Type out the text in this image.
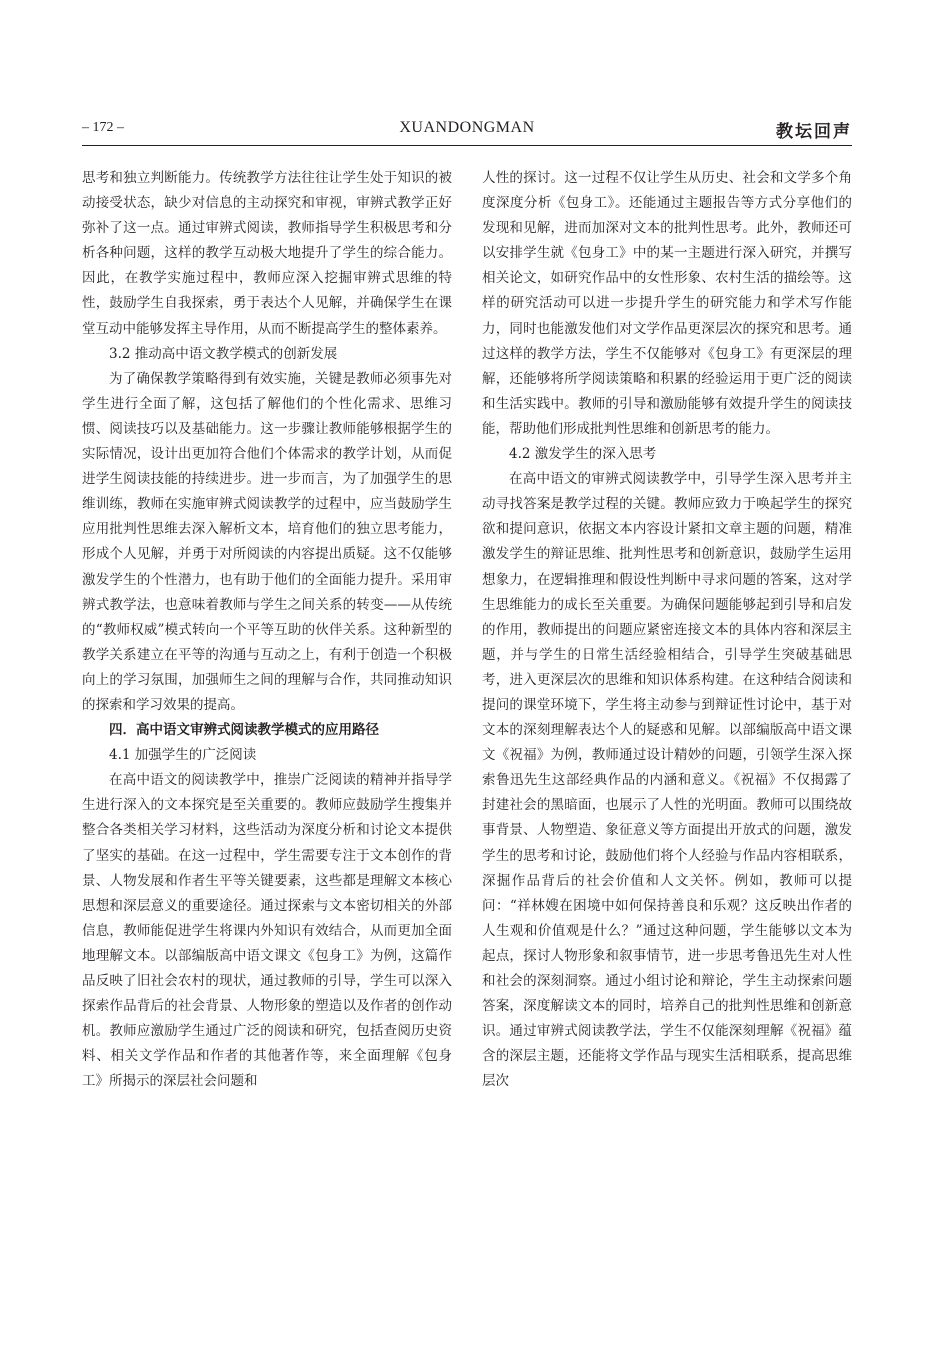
– 172 –	XUANDONGMAN	教坛回声

思考和独立判断能力。传统教学方法往往让学生处于知识的被动接受状态，缺少对信息的主动探究和审视，审辨式教学正好弥补了这一点。通过审辨式阅读，教师指导学生积极思考和分析各种问题，这样的教学互动极大地提升了学生的综合能力。因此，在教学实施过程中，教师应深入挖掘审辨式思维的特性，鼓励学生自我探索，勇于表达个人见解，并确保学生在课堂互动中能够发挥主导作用，从而不断提高学生的整体素养。

3.2 推动高中语文教学模式的创新发展

为了确保教学策略得到有效实施，关键是教师必须事先对学生进行全面了解，这包括了解他们的个性化需求、思维习惯、阅读技巧以及基础能力。这一步骤让教师能够根据学生的实际情况，设计出更加符合他们个体需求的教学计划，从而促进学生阅读技能的持续进步。进一步而言，为了加强学生的思维训练，教师在实施审辨式阅读教学的过程中，应当鼓励学生应用批判性思维去深入解析文本，培育他们的独立思考能力，形成个人见解，并勇于对所阅读的内容提出质疑。这不仅能够激发学生的个性潜力，也有助于他们的全面能力提升。采用审辨式教学法，也意味着教师与学生之间关系的转变——从传统的“教师权威”模式转向一个平等互助的伙伴关系。这种新型的教学关系建立在平等的沟通与互动之上，有利于创造一个积极向上的学习氛围，加强师生之间的理解与合作，共同推动知识的探索和学习效果的提高。

四．高中语文审辨式阅读教学模式的应用路径
4.1 加强学生的广泛阅读

在高中语文的阅读教学中，推崇广泛阅读的精神并指导学生进行深入的文本探究是至关重要的。教师应鼓励学生搜集并整合各类相关学习材料，这些活动为深度分析和讨论文本提供了坚实的基础。在这一过程中，学生需要专注于文本创作的背景、人物发展和作者生平等关键要素，这些都是理解文本核心思想和深层意义的重要途径。通过探索与文本密切相关的外部信息，教师能促进学生将课内外知识有效结合，从而更加全面地理解文本。以部编版高中语文课文《包身工》为例，这篇作品反映了旧社会农村的现状，通过教师的引导，学生可以深入探索作品背后的社会背景、人物形象的塑造以及作者的创作动机。教师应激励学生通过广泛的阅读和研究，包括查阅历史资料、相关文学作品和作者的其他著作等，来全面理解《包身工》所揭示的深层社会问题和

人性的探讨。这一过程不仅让学生从历史、社会和文学多个角度深度分析《包身工》。还能通过主题报告等方式分享他们的发现和见解，进而加深对文本的批判性思考。此外，教师还可以安排学生就《包身工》中的某一主题进行深入研究，并撰写相关论文，如研究作品中的女性形象、农村生活的描绘等。这样的研究活动可以进一步提升学生的研究能力和学术写作能力，同时也能激发他们对文学作品更深层次的探究和思考。通过这样的教学方法，学生不仅能够对《包身工》有更深层的理解，还能够将所学阅读策略和积累的经验运用于更广泛的阅读和生活实践中。教师的引导和激励能够有效提升学生的阅读技能，帮助他们形成批判性思维和创新思考的能力。

4.2 激发学生的深入思考

在高中语文的审辨式阅读教学中，引导学生深入思考并主动寻找答案是教学过程的关键。教师应致力于唤起学生的探究欲和提问意识，依据文本内容设计紧扣文章主题的问题，精准激发学生的辩证思维、批判性思考和创新意识，鼓励学生运用想象力，在逻辑推理和假设性判断中寻求问题的答案，这对学生思维能力的成长至关重要。为确保问题能够起到引导和启发的作用，教师提出的问题应紧密连接文本的具体内容和深层主题，并与学生的日常生活经验相结合，引导学生突破基础思考，进入更深层次的思维和知识体系构建。在这种结合阅读和提问的课堂环境下，学生将主动参与到辩证性讨论中，基于对文本的深刻理解表达个人的疑惑和见解。以部编版高中语文课文《祝福》为例，教师通过设计精妙的问题，引领学生深入探索鲁迅先生这部经典作品的内涵和意义。《祝福》不仅揭露了封建社会的黑暗面，也展示了人性的光明面。教师可以围绕故事背景、人物塑造、象征意义等方面提出开放式的问题，激发学生的思考和讨论，鼓励他们将个人经验与作品内容相联系，深掘作品背后的社会价值和人文关怀。例如，教师可以提问：“祥林嫂在困境中如何保持善良和乐观？这反映出作者的人生观和价值观是什么？”通过这种问题，学生能够以文本为起点，探讨人物形象和叙事情节，进一步思考鲁迅先生对人性和社会的深刻洞察。通过小组讨论和辩论，学生主动探索问题答案，深度解读文本的同时，培养自己的批判性思维和创新意识。通过审辨式阅读教学法，学生不仅能深刻理解《祝福》蕴含的深层主题，还能将文学作品与现实生活相联系，提高思维层次
